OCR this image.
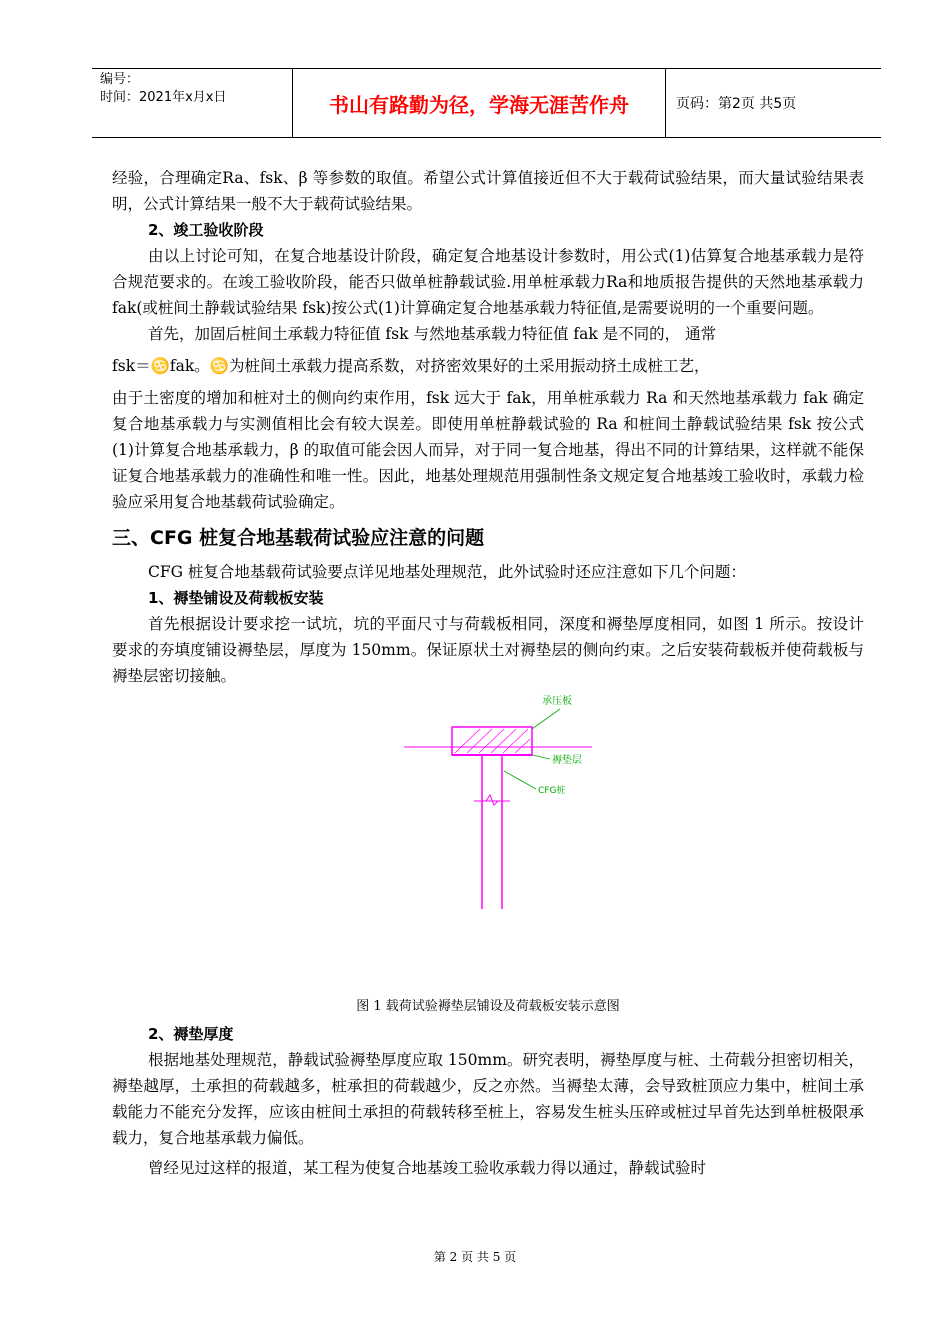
编号：
时间：2021年x月x日	书山有路勤为径，学海无涯苦作舟	页码：第2页 共5页

经验，合理确定Ra、fsk、β 等参数的取值。希望公式计算值接近但不大于载荷试验结果，而大量试验结果表明，公式计算结果一般不大于载荷试验结果。

2、竣工验收阶段

由以上讨论可知，在复合地基设计阶段，确定复合地基设计参数时，用公式(1)估算复合地基承载力是符合规范要求的。在竣工验收阶段，能否只做单桩静载试验.用单桩承载力Ra和地质报告提供的天然地基承载力 fak(或桩间土静载试验结果 fsk)按公式(1)计算确定复合地基承载力特征值,是需要说明的一个重要问题。

首先，加固后桩间土承载力特征值 fsk 与然地基承载力特征值 fak 是不同的， 通常

fsk＝♋fak。♋为桩间土承载力提高系数，对挤密效果好的土采用振动挤土成桩工艺，

由于土密度的增加和桩对土的侧向约束作用，fsk 远大于 fak，用单桩承载力 Ra 和天然地基承载力 fak 确定复合地基承载力与实测值相比会有较大误差。即使用单桩静载试验的 Ra 和桩间土静载试验结果 fsk 按公式(1)计算复合地基承载力，β 的取值可能会因人而异，对于同一复合地基，得出不同的计算结果，这样就不能保证复合地基承载力的准确性和唯一性。因此，地基处理规范用强制性条文规定复合地基竣工验收时，承载力检验应采用复合地基载荷试验确定。

三、CFG 桩复合地基载荷试验应注意的问题

CFG 桩复合地基载荷试验要点详见地基处理规范，此外试验时还应注意如下几个问题：

1、褥垫铺设及荷载板安装

首先根据设计要求挖一试坑，坑的平面尺寸与荷载板相同，深度和褥垫厚度相同，如图 1 所示。按设计要求的夯填度铺设褥垫层，厚度为 150mm。保证原状土对褥垫层的侧向约束。之后安装荷载板并使荷载板与褥垫层密切接触。

承压板
褥垫层
CFG桩
图 1 载荷试验褥垫层铺设及荷载板安装示意图
2、褥垫厚度

根据地基处理规范，静载试验褥垫厚度应取 150mm。研究表明，褥垫厚度与桩、土荷载分担密切相关，褥垫越厚，土承担的荷载越多，桩承担的荷载越少，反之亦然。当褥垫太薄，会导致桩顶应力集中，桩间土承载能力不能充分发挥，应该由桩间土承担的荷载转移至桩上，容易发生桩头压碎或桩过早首先达到单桩极限承载力，复合地基承载力偏低。

曾经见过这样的报道，某工程为使复合地基竣工验收承载力得以通过，静载试验时

第 2 页 共 5 页
